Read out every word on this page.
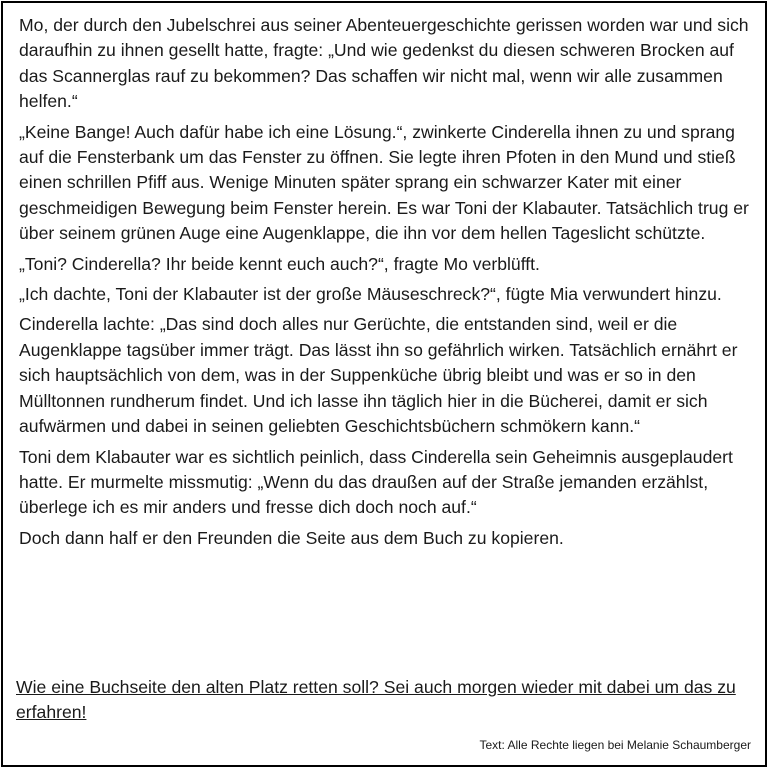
Mo, der durch den Jubelschrei aus seiner Abenteuergeschichte gerissen worden war und sich daraufhin zu ihnen gesellt hatte, fragte: „Und wie gedenkst du diesen schweren Brocken auf das Scannerglas rauf zu bekommen? Das schaffen wir nicht mal, wenn wir alle zusammen helfen.“

„Keine Bange! Auch dafür habe ich eine Lösung.“, zwinkerte Cinderella ihnen zu und sprang auf die Fensterbank um das Fenster zu öffnen. Sie legte ihren Pfoten in den Mund und stieß einen schrillen Pfiff aus. Wenige Minuten später sprang ein schwarzer Kater mit einer geschmeidigen Bewegung beim Fenster herein. Es war Toni der Klabauter. Tatsächlich trug er über seinem grünen Auge eine Augenklappe, die ihn vor dem hellen Tageslicht schützte.

„Toni? Cinderella? Ihr beide kennt euch auch?“, fragte Mo verblüfft.

„Ich dachte, Toni der Klabauter ist der große Mäuseschreck?“, fügte Mia verwundert hinzu.

Cinderella lachte: „Das sind doch alles nur Gerüchte, die entstanden sind, weil er die Augenklappe tagsüber immer trägt. Das lässt ihn so gefährlich wirken. Tatsächlich ernährt er sich hauptsächlich von dem, was in der Suppenküche übrig bleibt und was er so in den Mülltonnen rundherum findet. Und ich lasse ihn täglich hier in die Bücherei, damit er sich aufwärmen und dabei in seinen geliebten Geschichtsbüchern schmökern kann.“

Toni dem Klabauter war es sichtlich peinlich, dass Cinderella sein Geheimnis ausgeplaudert hatte. Er murmelte missmutig: „Wenn du das draußen auf der Straße jemanden erzählst, überlege ich es mir anders und fresse dich doch noch auf.“

Doch dann half er den Freunden die Seite aus dem Buch zu kopieren.

Wie eine Buchseite den alten Platz retten soll? Sei auch morgen wieder mit dabei um das zu erfahren!

Text: Alle Rechte liegen bei Melanie Schaumberger
